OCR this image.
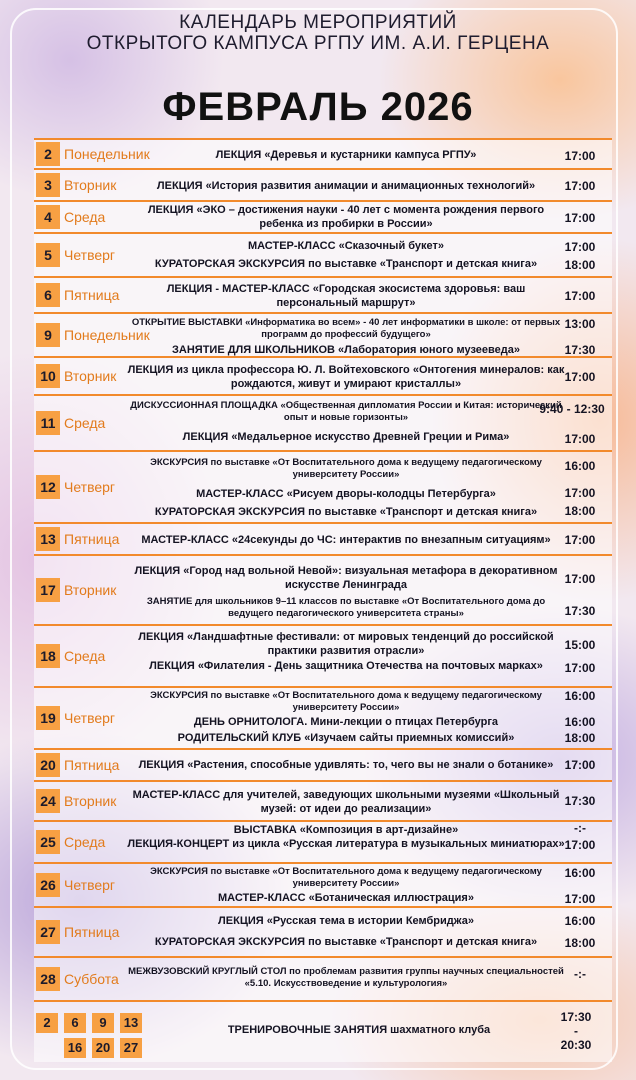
КАЛЕНДАРЬ МЕРОПРИЯТИЙ
ОТКРЫТОГО КАМПУСА РГПУ ИМ. А.И. ГЕРЦЕНА
ФЕВРАЛЬ 2026
2 Понедельник	ЛЕКЦИЯ «Деревья и кустарники кампуса РГПУ»	17:00
3 Вторник	ЛЕКЦИЯ «История развития анимации и анимационных технологий»	17:00
4 Среда	ЛЕКЦИЯ «ЭКО – достижения науки - 40 лет с момента рождения первого ребенка из пробирки в России»	17:00
5 Четверг
МАСТЕР-КЛАСС «Сказочный букет»	17:00
КУРАТОРСКАЯ ЭКСКУРСИЯ по выставке «Транспорт и детская книга»	18:00
6 Пятница	ЛЕКЦИЯ - МАСТЕР-КЛАСС «Городская экосистема здоровья: ваш персональный маршрут»	17:00
9 Понедельник
ОТКРЫТИЕ ВЫСТАВКИ «Информатика во всем» - 40 лет информатики в школе: от первых программ до профессий будущего»
13:00
ЗАНЯТИЕ ДЛЯ ШКОЛЬНИКОВ «Лаборатория юного музееведа»	17:30
10 Вторник ЛЕКЦИЯ из цикла профессора Ю. Л. Войтеховского «Онтогения минералов: как рождаются, живут и умирают кристаллы»	17:00
11 Среда
ДИСКУССИОННАЯ ПЛОЩАДКА «Общественная дипломатия России и Китая: исторический опыт и новые горизонты»
9:40 - 12:30
ЛЕКЦИЯ «Медальерное искусство Древней Греции и Рима»	17:00
12 Четверг
ЭКСКУРСИЯ по выставке «От Воспитательного дома к ведущему педагогическому университету России»
16:00
МАСТЕР-КЛАСС «Рисуем дворы-колодцы Петербурга»	17:00
КУРАТОРСКАЯ ЭКСКУРСИЯ по выставке «Транспорт и детская книга»	18:00
13 Пятница	МАСТЕР-КЛАСС «24секунды до ЧС: интерактив по внезапным ситуациям»	17:00
17 Вторник
ЛЕКЦИЯ «Город над вольной Невой»: визуальная метафора в декоративном искусстве Ленинграда	17:00
ЗАНЯТИЕ для школьников 9–11 классов по выставке «От Воспитательного дома до ведущего педагогического университета страны»	17:30
18 Среда
ЛЕКЦИЯ «Ландшафтные фестивали: от мировых тенденций до российской практики развития отрасли»	15:00
ЛЕКЦИЯ «Филателия - День защитника Отечества на почтовых марках»	17:00
19 Четверг
ЭКСКУРСИЯ по выставке «От Воспитательного дома к ведущему педагогическому университету России»
16:00
ДЕНЬ ОРНИТОЛОГА. Мини-лекции о птицах Петербурга	16:00
РОДИТЕЛЬСКИЙ КЛУБ «Изучаем сайты приемных комиссий»	18:00
20 Пятница	ЛЕКЦИЯ «Растения, способные удивлять: то, чего вы не знали о ботанике» 17:00
24 Вторник	МАСТЕР-КЛАСС для учителей, заведующих школьными музеями «Школьный музей: от идеи до реализации»
17:30
25 Среда
ВЫСТАВКА «Композиция в арт-дизайне»	-:-
ЛЕКЦИЯ-КОНЦЕРТ из цикла «Русская литература в музыкальных миниатюрах» 17:00
26 Четверг
ЭКСКУРСИЯ по выставке «От Воспитательного дома к ведущему педагогическому университету России»
16:00
МАСТЕР-КЛАСС «Ботаническая иллюстрация»	17:00
27 Пятница
ЛЕКЦИЯ «Русская тема в истории Кембриджа»	16:00
КУРАТОРСКАЯ ЭКСКУРСИЯ по выставке «Транспорт и детская книга»	18:00
28 Суббота МЕЖВУЗОВСКИЙ КРУГЛЫЙ СТОЛ по проблемам развития группы научных специальностей «5.10. Искусствоведение и культурология»
-:-
2	6	9	13
16 20 27
ТРЕНИРОВОЧНЫЕ ЗАНЯТИЯ шахматного клуба
17:30
-
20:30
